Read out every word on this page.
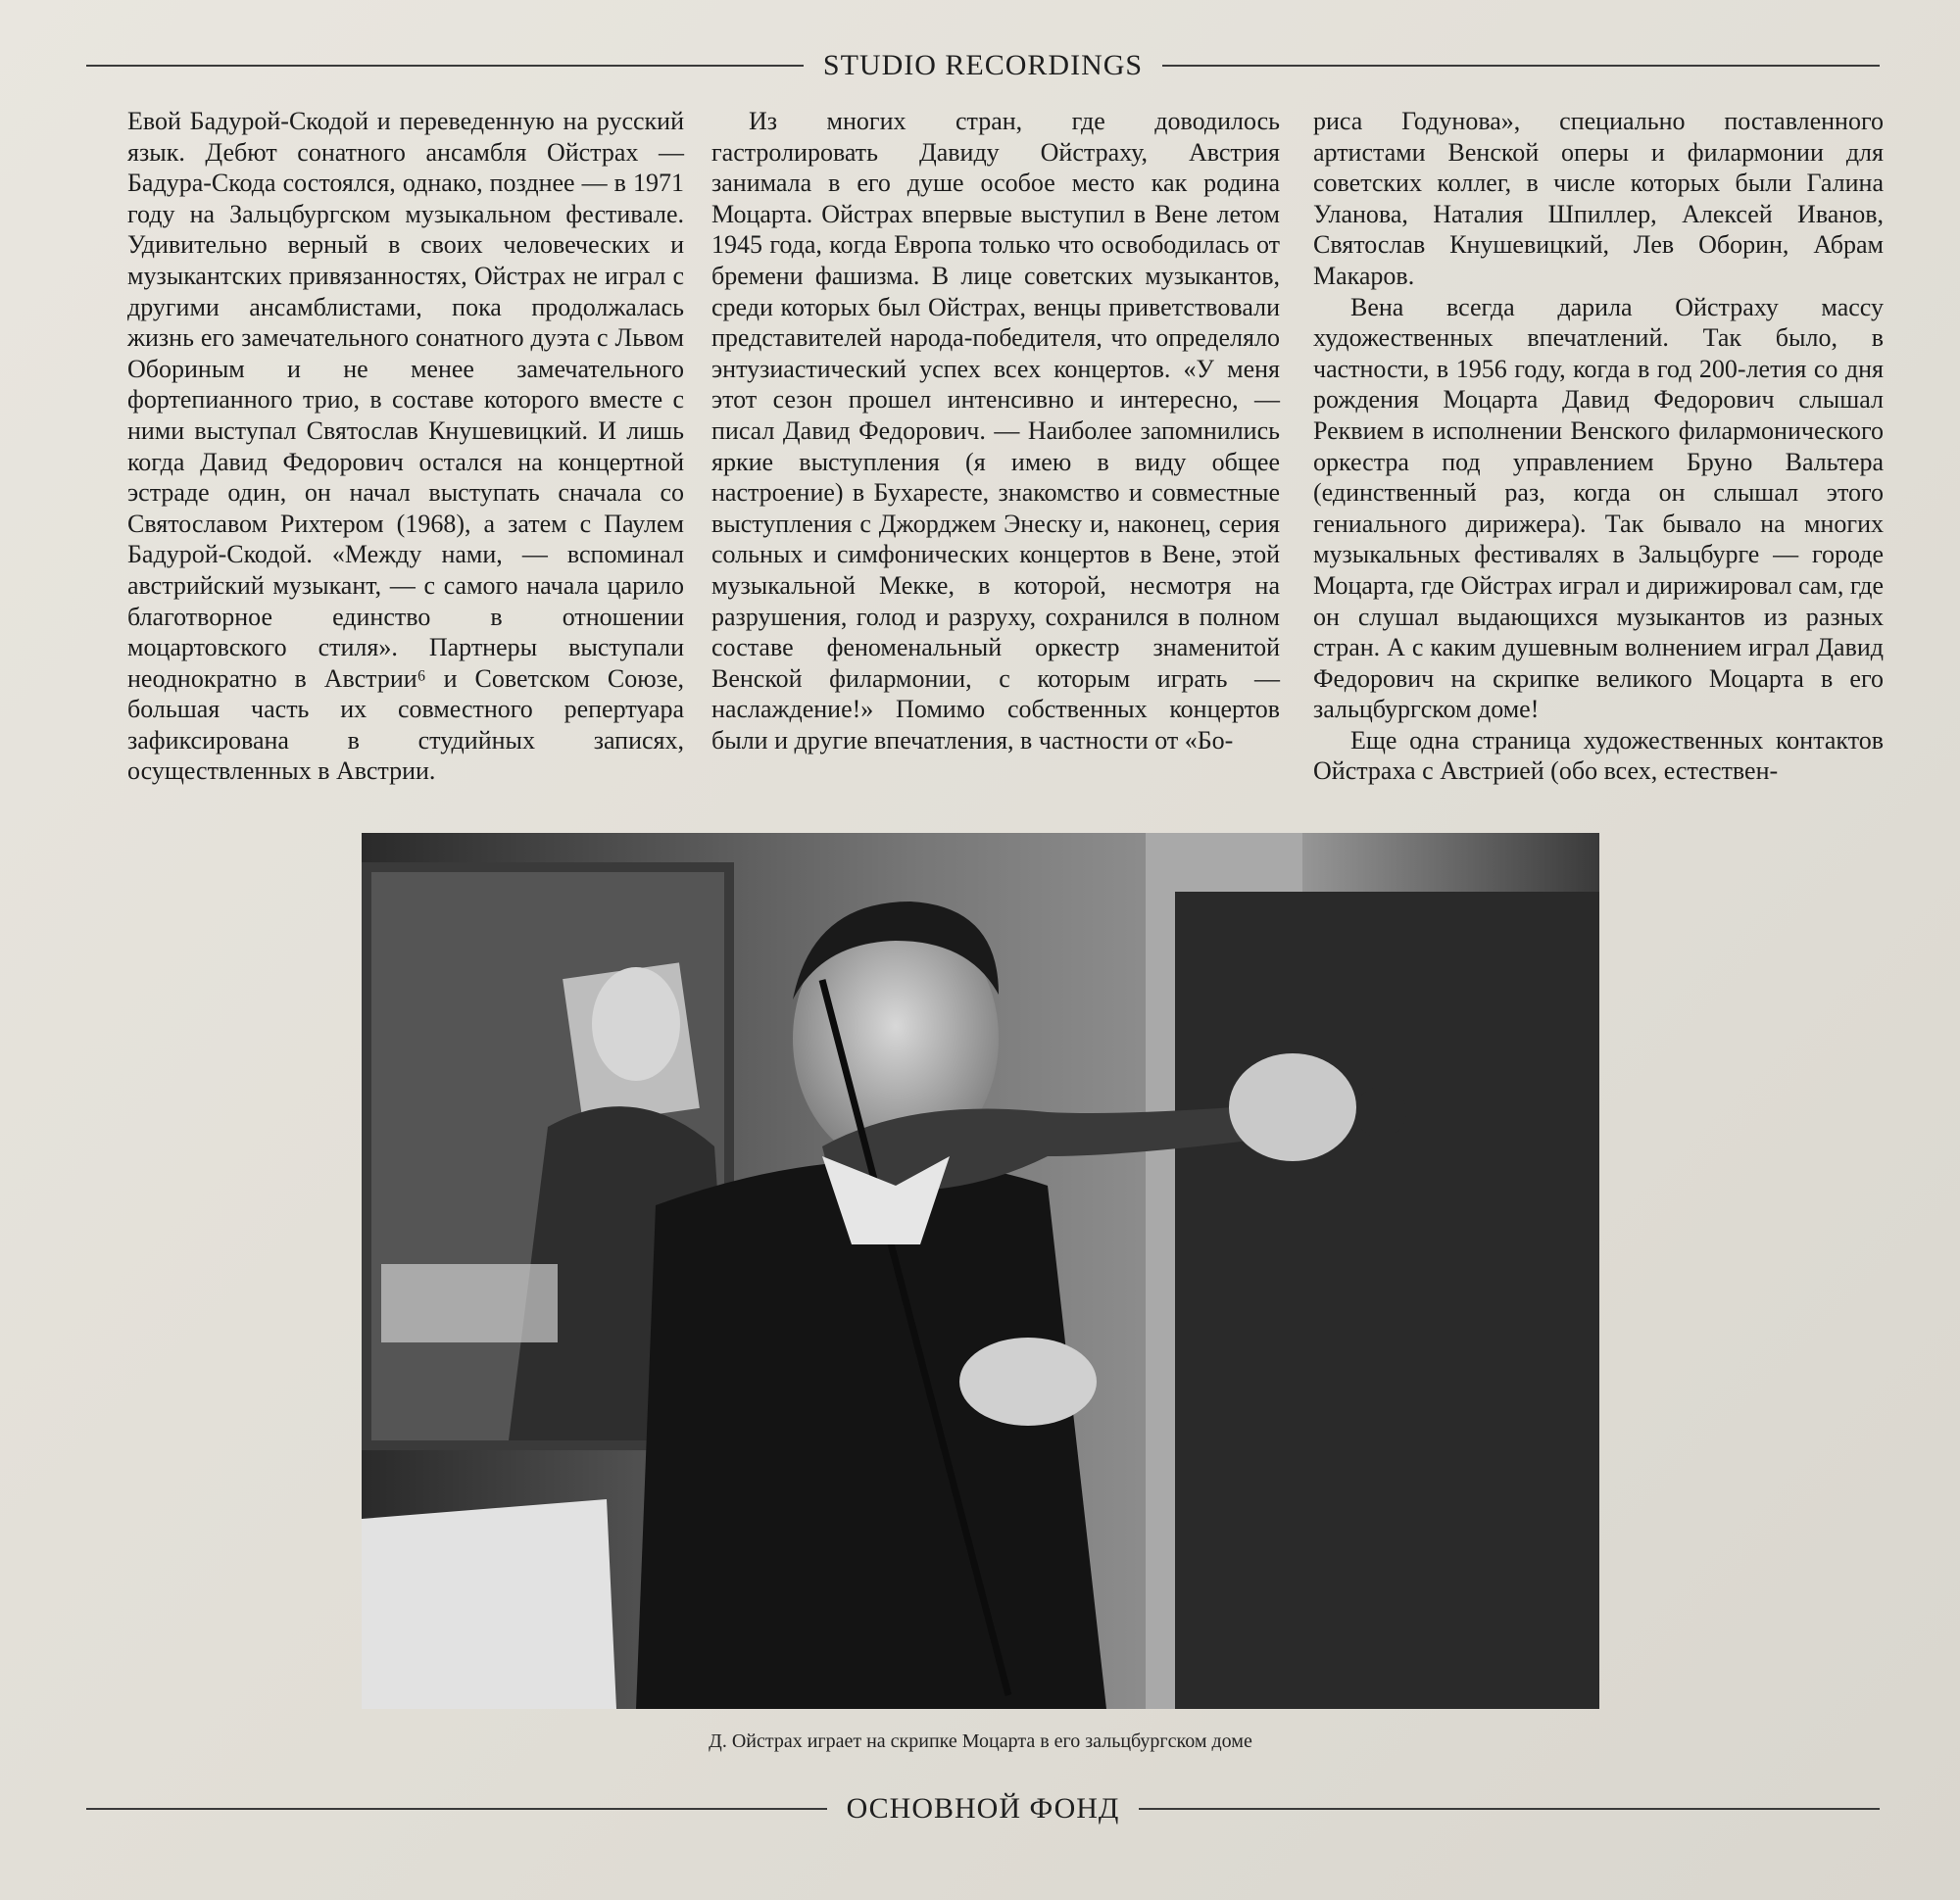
STUDIO RECORDINGS

Евой Бадурой-Скодой и переведенную на русский язык. Дебют сонатного ансамбля Ойстрах — Бадура-Скода состоялся, однако, позднее — в 1971 году на Зальцбургском музыкальном фестивале. Удивительно верный в своих человеческих и музыкантских привязанностях, Ойстрах не играл с другими ансамблистами, пока продолжалась жизнь его замечательного сонатного дуэта с Львом Обориным и не менее замечательного фортепианного трио, в составе которого вместе с ними выступал Святослав Кнушевицкий. И лишь когда Давид Федорович остался на концертной эстраде один, он начал выступать сначала со Святославом Рихтером (1968), а затем с Паулем Бадурой-Скодой. «Между нами, — вспоминал австрийский музыкант, — с самого начала царило благотворное единство в отношении моцартовского стиля». Партнеры выступали неоднократно в Австрии⁶ и Советском Союзе, большая часть их совместного репертуара зафиксирована в студийных записях, осуществленных в Австрии.

Из многих стран, где доводилось гастролировать Давиду Ойстраху, Австрия занимала в его душе особое место как родина Моцарта. Ойстрах впервые выступил в Вене летом 1945 года, когда Европа только что освободилась от бремени фашизма. В лице советских музыкантов, среди которых был Ойстрах, венцы приветствовали представителей народа-победителя, что определяло энтузиастический успех всех концертов. «У меня этот сезон прошел интенсивно и интересно, — писал Давид Федорович. — Наиболее запомнились яркие выступления (я имею в виду общее настроение) в Бухаресте, знакомство и совместные выступления с Джорджем Энеску и, наконец, серия сольных и симфонических концертов в Вене, этой музыкальной Мекке, в которой, несмотря на разрушения, голод и разруху, сохранился в полном составе феноменальный оркестр знаменитой Венской филармонии, с которым играть — наслаждение!» Помимо собственных концертов были и другие впечатления, в частности от «Бо-

риса Годунова», специально поставленного артистами Венской оперы и филармонии для советских коллег, в числе которых были Галина Уланова, Наталия Шпиллер, Алексей Иванов, Святослав Кнушевицкий, Лев Оборин, Абрам Макаров.

Вена всегда дарила Ойстраху массу художественных впечатлений. Так было, в частности, в 1956 году, когда в год 200-летия со дня рождения Моцарта Давид Федорович слышал Реквием в исполнении Венского филармонического оркестра под управлением Бруно Вальтера (единственный раз, когда он слышал этого гениального дирижера). Так бывало на многих музыкальных фестивалях в Зальцбурге — городе Моцарта, где Ойстрах играл и дирижировал сам, где он слушал выдающихся музыкантов из разных стран. А с каким душевным волнением играл Давид Федорович на скрипке великого Моцарта в его зальцбургском доме!

Еще одна страница художественных контактов Ойстраха с Австрией (обо всех, естествен-

Д. Ойстрах играет на скрипке Моцарта в его зальцбургском доме
ОСНОВНОЙ ФОНД
